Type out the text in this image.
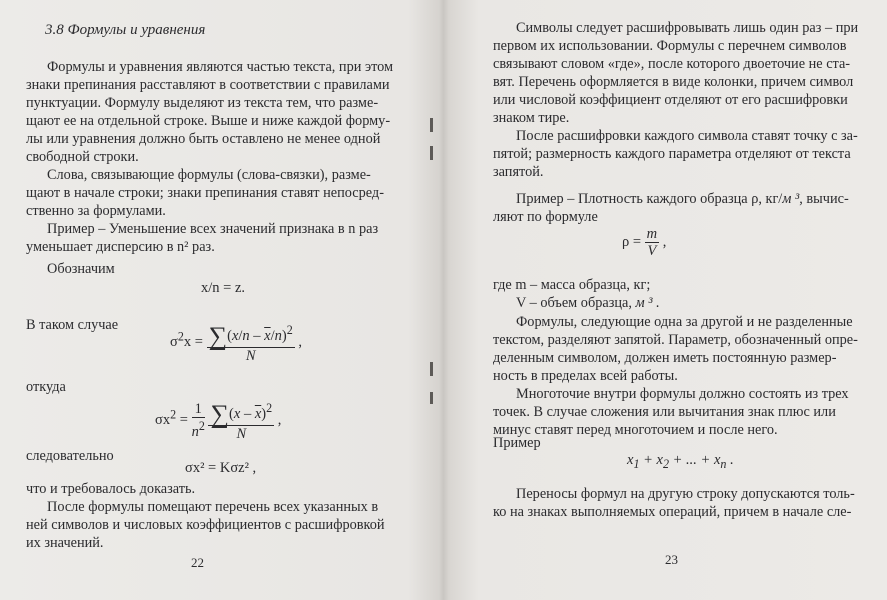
3.8 Формулы и уравнения
Формулы и уравнения являются частью текста, при этом
знаки препинания расставляют в соответствии с правилами
пунктуации. Формулу выделяют из текста тем, что разме-
щают ее на отдельной строке. Выше и ниже каждой форму-
лы или уравнения должно быть оставлено не менее одной
свободной строки.
Слова, связывающие формулы (слова-связки), разме-
щают в начале строки; знаки препинания ставят непосред-
ственно за формулами.
Пример – Уменьшение всех значений признака в n раз
уменьшает дисперсию в n² раз.
Обозначим
x/n = z.
В таком случае
$\sigma^2x = \frac{\sum(x/n - \overline{x}/n)^2}{N}$ ,
откуда
$\sigma x^2 = \frac{1}{n^2}$
$\frac{\sum(x - \overline{x})^2}{N}$ ,
следовательно
σx² = Kσz² ,
что и требовалось доказать.
После формулы помещают перечень всех указанных в
ней символов и числовых коэффициентов с расшифровкой
их значений.
22
Символы следует расшифровывать лишь один раз – при
первом их использовании. Формулы с перечнем символов
связывают словом «где», после которого двоеточие не ста-
вят. Перечень оформляется в виде колонки, причем символ
или числовой коэффициент отделяют от его расшифровки
знаком тире.
После расшифровки каждого символа ставят точку с за-
пятой; размерность каждого параметра отделяют от текста
запятой.
Пример – Плотность каждого образца ρ, кг/м ³, вычис-
ляют по формуле
$\rho = \frac{m}{V}$ ,
где m – масса образца, кг;
V – объем образца, м ³ .
Формулы, следующие одна за другой и не разделенные
текстом, разделяют запятой. Параметр, обозначенный опре-
деленным символом, должен иметь постоянную размер-
ность в пределах всей работы.
Многоточие внутри формулы должно состоять из трех
точек. В случае сложения или вычитания знак плюс или
минус ставят перед многоточием и после него.
Пример
$x_1 + x_2$ + ... + $x_n$ .
Переносы формул на другую строку допускаются толь-
ко на знаках выполняемых операций, причем в начале сле-
23
